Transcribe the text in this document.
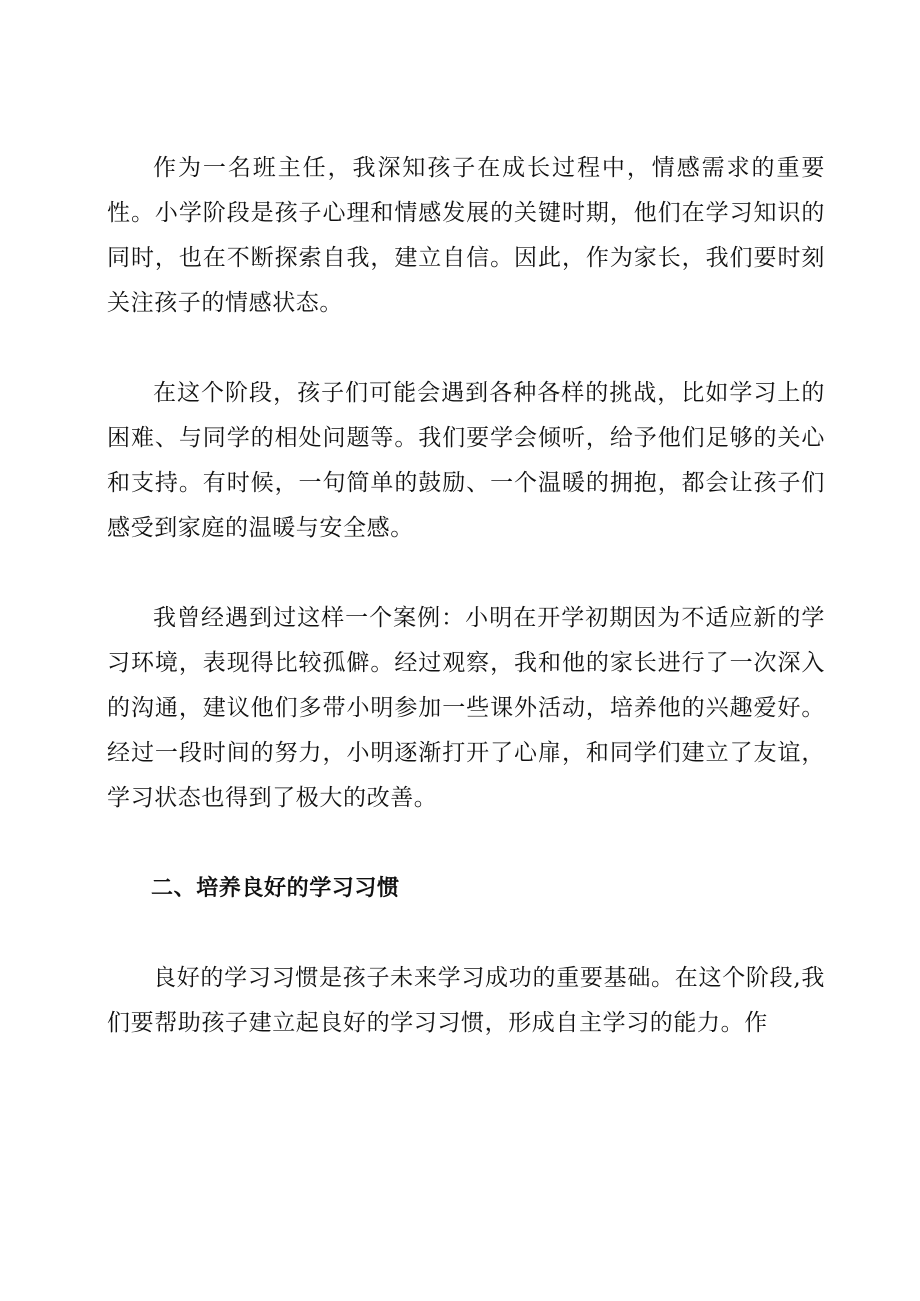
作为一名班主任，我深知孩子在成长过程中，情感需求的重要性。小学阶段是孩子心理和情感发展的关键时期，他们在学习知识的同时，也在不断探索自我，建立自信。因此，作为家长，我们要时刻关注孩子的情感状态。

在这个阶段，孩子们可能会遇到各种各样的挑战，比如学习上的困难、与同学的相处问题等。我们要学会倾听，给予他们足够的关心和支持。有时候，一句简单的鼓励、一个温暖的拥抱，都会让孩子们感受到家庭的温暖与安全感。

我曾经遇到过这样一个案例：小明在开学初期因为不适应新的学习环境，表现得比较孤僻。经过观察，我和他的家长进行了一次深入的沟通，建议他们多带小明参加一些课外活动，培养他的兴趣爱好。经过一段时间的努力，小明逐渐打开了心扉，和同学们建立了友谊，学习状态也得到了极大的改善。

二、培养良好的学习习惯

良好的学习习惯是孩子未来学习成功的重要基础。在这个阶段,我们要帮助孩子建立起良好的学习习惯，形成自主学习的能力。作
